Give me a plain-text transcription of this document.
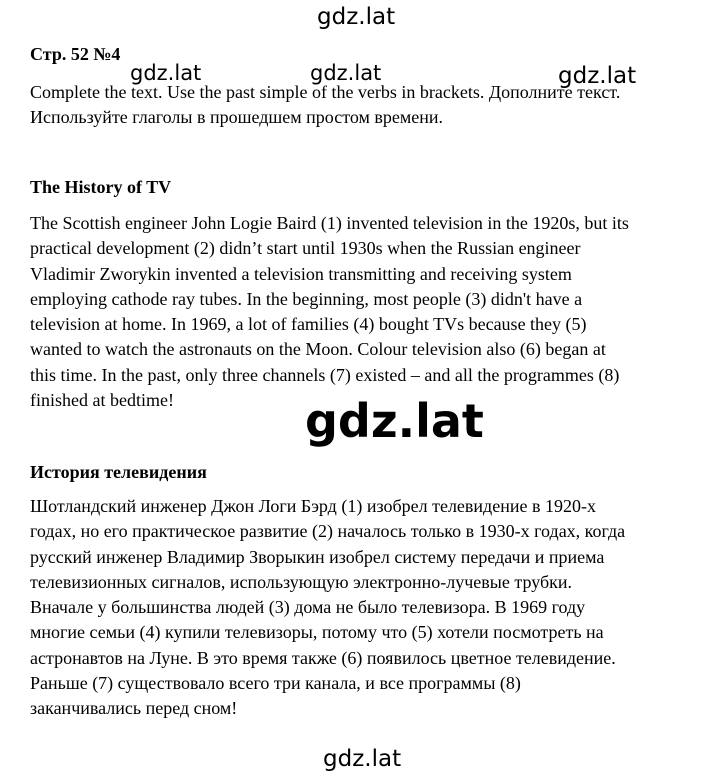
gdz.lat
Стр. 52 №4
gdz.lat	gdz.lat	gdz.lat
Complete the text. Use the past simple of the verbs in brackets. Дополните текст.
Используйте глаголы в прошедшем простом времени.
The History of TV
The Scottish engineer John Logie Baird (1) invented television in the 1920s, but its
practical development (2) didn’t start until 1930s when the Russian engineer
Vladimir Zworykin invented a television transmitting and receiving system
employing cathode ray tubes. In the beginning, most people (3) didn't have a
television at home. In 1969, a lot of families (4) bought TVs because they (5)
wanted to watch the astronauts on the Moon. Colour television also (6) began at
this time. In the past, only three channels (7) existed – and all the programmes (8)
finished at bedtime!	gdz.lat
История телевидения
Шотландский инженер Джон Логи Бэрд (1) изобрел телевидение в 1920-х
годах, но его практическое развитие (2) началось только в 1930-х годах, когда
русский инженер Владимир Зворыкин изобрел систему передачи и приема
телевизионных сигналов, использующую электронно-лучевые трубки.
Вначале у большинства людей (3) дома не было телевизора. В 1969 году
многие семьи (4) купили телевизоры, потому что (5) хотели посмотреть на
астронавтов на Луне. В это время также (6) появилось цветное телевидение.
Раньше (7) существовало всего три канала, и все программы (8)
заканчивались перед сном!
gdz.lat
